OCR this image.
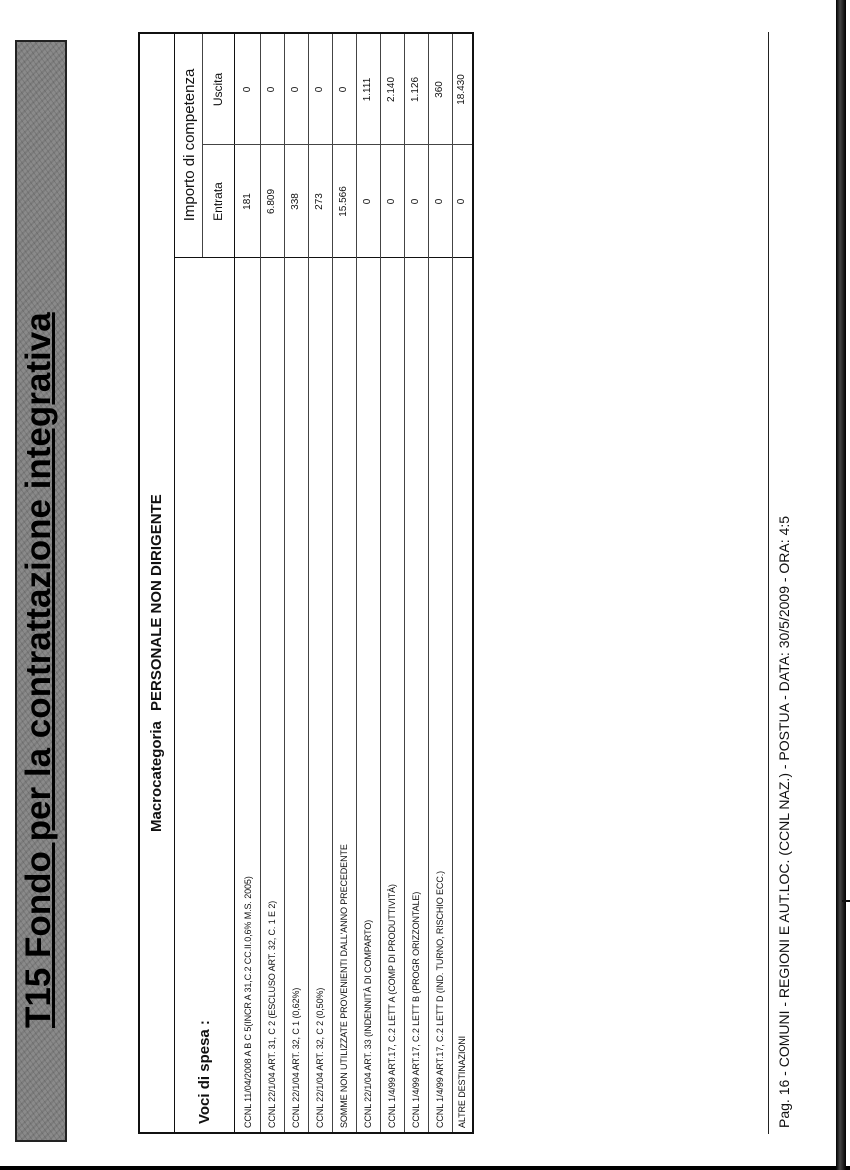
T15 Fondo per la contrattazione integrativa	Macrocategoria PERSONALE NON DIRIGENTE
Voci di spesa :
Importo di competenza	Entrata
Uscita
CCNL 11/04/2008 A B C 5(INCR A 31,C.2 CC.II.0,6% M.S. 2005)
181
0
CCNL 22/1/04 ART. 31, C 2 (ESCLUSO ART. 32, C. 1 E 2)
6.809
0
CCNL 22/1/04 ART. 32, C 1 (0,62%)
338
0
CCNL 22/1/04 ART. 32, C 2 (0,50%)
273
0
SOMME NON UTILIZZATE PROVENIENTI DALL'ANNO PRECEDENTE
15.566
0
CCNL 22/1/04 ART. 33 (INDENNITÀ DI COMPARTO)
0
1.111
CCNL 1/4/99 ART.17, C.2 LETT A (COMP DI PRODUTTIVITÀ)
0
2.140
CCNL 1/4/99 ART.17, C.2 LETT B (PROGR ORIZZONTALE)
0
1.126
CCNL 1/4/99 ART.17, C.2 LETT D (IND. TURNO, RISCHIO ECC.)
0
360
ALTRE DESTINAZIONI
0
18.430
Pag. 16 - COMUNI - REGIONI E AUT.LOC. (CCNL NAZ.) - POSTUA - DATA: 30/5/2009 - ORA: 4:5
